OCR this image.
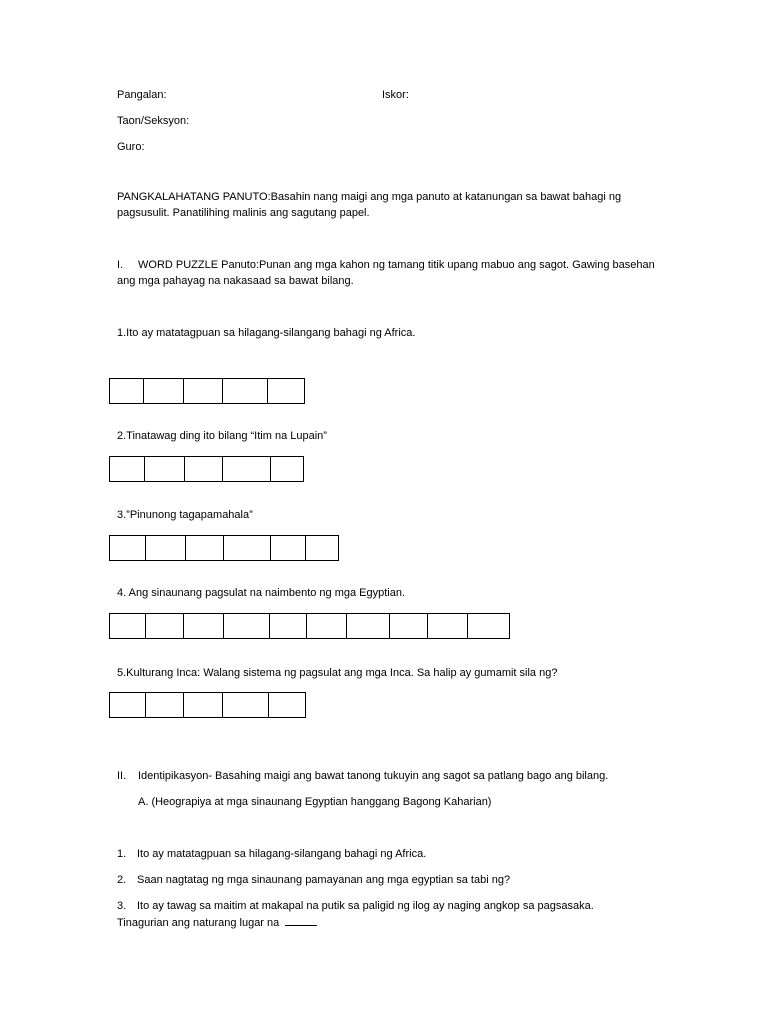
Pangalan:	Iskor:
Taon/Seksyon:
Guro:
PANGKALAHATANG PANUTO:Basahin nang maigi ang mga panuto at katanungan sa bawat bahagi ng pagsusulit. Panatilihing malinis ang sagutang papel.
I. WORD PUZZLE Panuto:Punan ang mga kahon ng tamang titik upang mabuo ang sagot. Gawing basehan ang mga pahayag na nakasaad sa bawat bilang.
1.Ito ay matatagpuan sa hilagang-silangang bahagi ng Africa.
2.Tinatawag ding ito bilang “Itim na Lupain”
3.”Pinunong tagapamahala”
4. Ang sinaunang pagsulat na naimbento ng mga Egyptian.
5.Kulturang Inca: Walang sistema ng pagsulat ang mga Inca. Sa halip ay gumamit sila ng?
II. Identipikasyon- Basahing maigi ang bawat tanong tukuyin ang sagot sa patlang bago ang bilang.
A. (Heograpiya at mga sinaunang Egyptian hanggang Bagong Kaharian)
1. Ito ay matatagpuan sa hilagang-silangang bahagi ng Africa.
2. Saan nagtatag ng mga sinaunang pamayanan ang mga egyptian sa tabi ng?
3. Ito ay tawag sa maitim at makapal na putik sa paligid ng ilog ay naging angkop sa pagsasaka.
Tinagurian ang naturang lugar na
